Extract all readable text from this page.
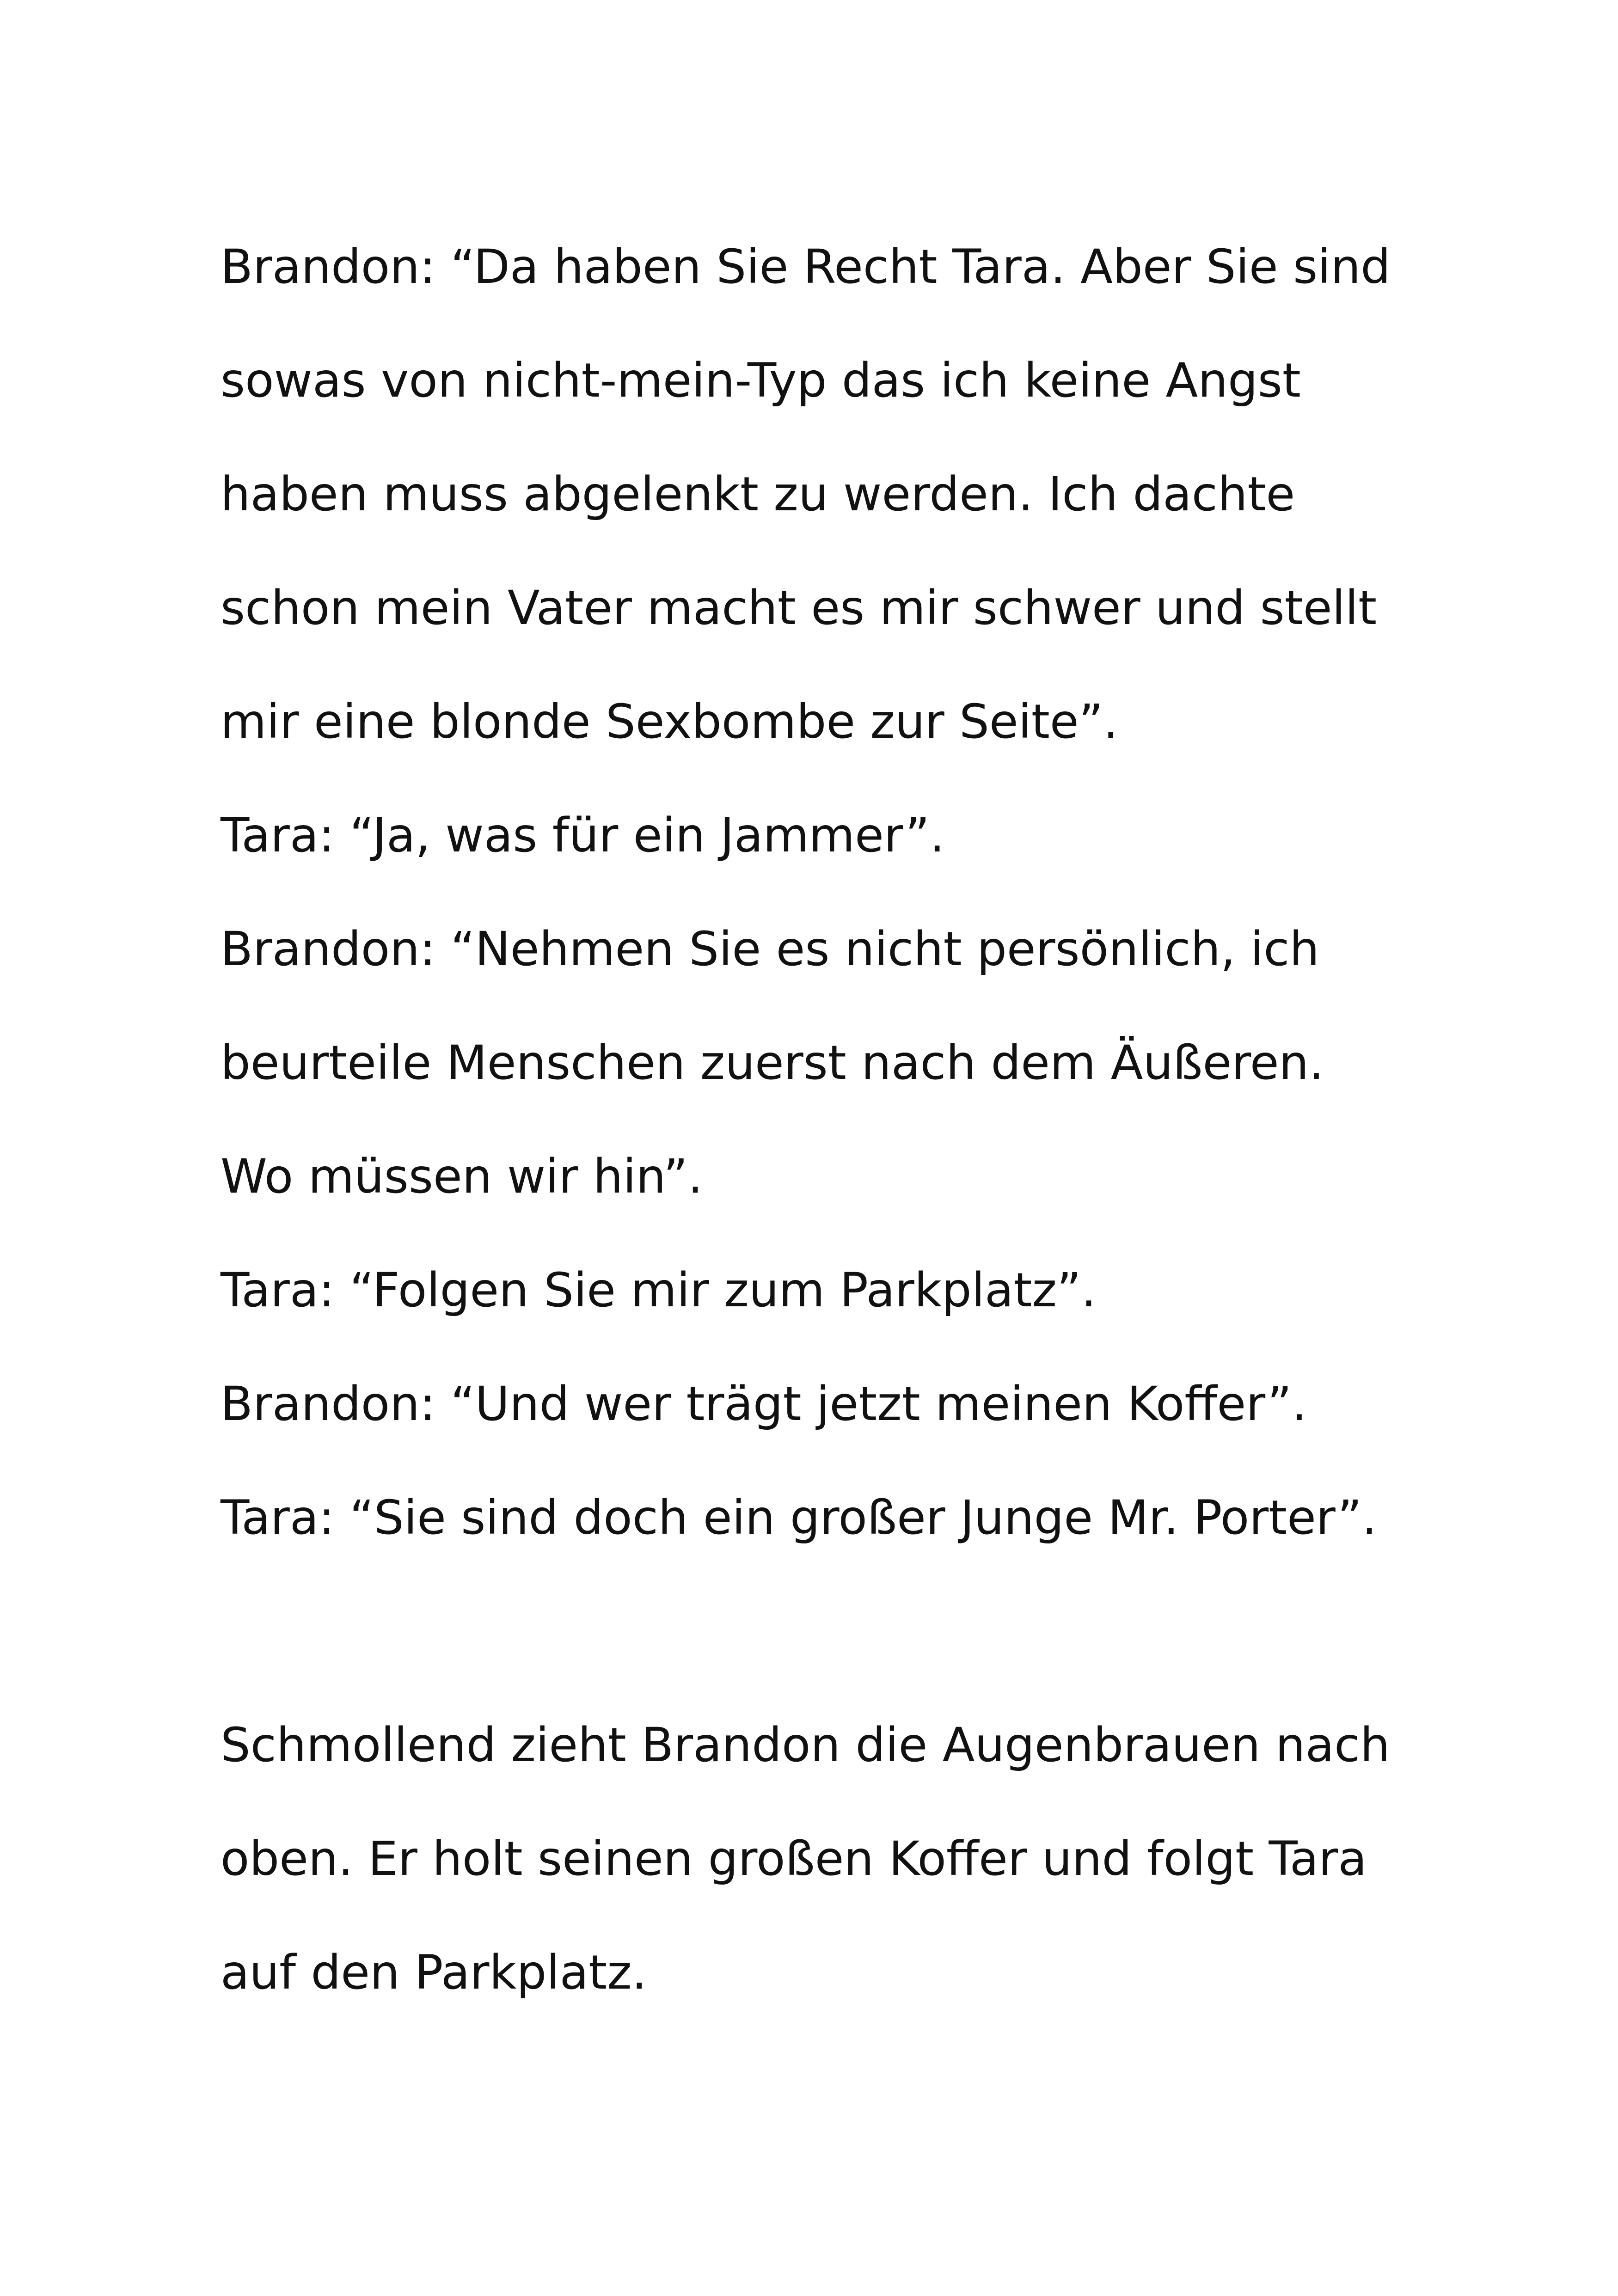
Brandon: “Da haben Sie Recht Tara. Aber Sie sind
sowas von nicht-mein-Typ das ich keine Angst
haben muss abgelenkt zu werden. Ich dachte
schon mein Vater macht es mir schwer und stellt
mir eine blonde Sexbombe zur Seite”.
Tara: “Ja, was für ein Jammer”.
Brandon: “Nehmen Sie es nicht persönlich, ich
beurteile Menschen zuerst nach dem Äußeren.
Wo müssen wir hin”.
Tara: “Folgen Sie mir zum Parkplatz”.
Brandon: “Und wer trägt jetzt meinen Koffer”.
Tara: “Sie sind doch ein großer Junge Mr. Porter”.
Schmollend zieht Brandon die Augenbrauen nach
oben. Er holt seinen großen Koffer und folgt Tara
auf den Parkplatz.
